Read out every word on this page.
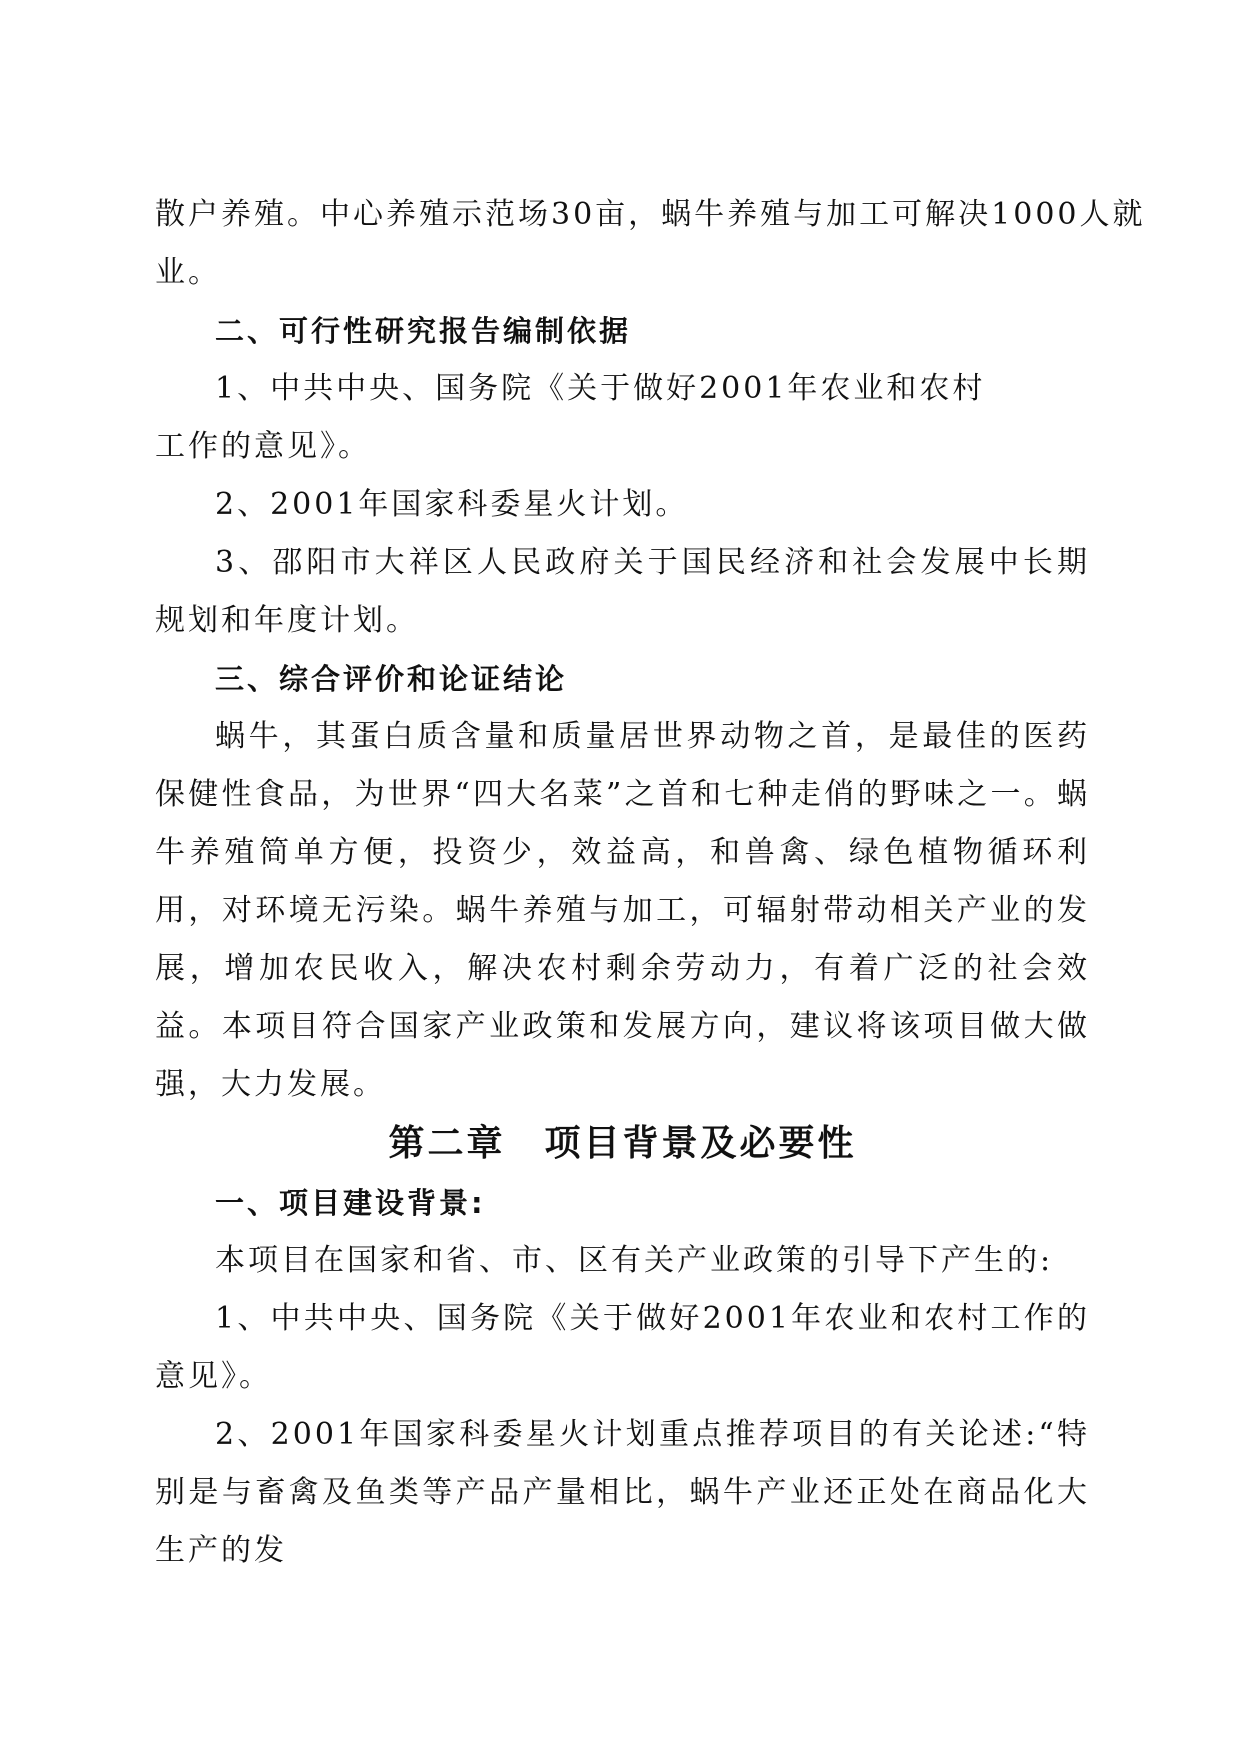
散户养殖。中心养殖示范场30亩，蜗牛养殖与加工可解决1000人就
业。
二、可行性研究报告编制依据
1、中共中央、国务院《关于做好2001年农业和农村
工作的意见》。
2、2001年国家科委星火计划。

3、邵阳市大祥区人民政府关于国民经济和社会发展中长期规划和年度计划。

三、综合评价和论证结论

蜗牛，其蛋白质含量和质量居世界动物之首，是最佳的医药保健性食品，为世界“四大名菜”之首和七种走俏的野味之一。蜗牛养殖简单方便，投资少，效益高，和兽禽、绿色植物循环利用，对环境无污染。蜗牛养殖与加工，可辐射带动相关产业的发展，增加农民收入，解决农村剩余劳动力，有着广泛的社会效益。本项目符合国家产业政策和发展方向，建议将该项目做大做强，大力发展。

第二章　项目背景及必要性
一、项目建设背景:
本项目在国家和省、市、区有关产业政策的引导下产生的:

1、中共中央、国务院《关于做好2001年农业和农村工作的意见》。

2、2001年国家科委星火计划重点推荐项目的有关论述:“特别是与畜禽及鱼类等产品产量相比，蜗牛产业还正处在商品化大生产的发
